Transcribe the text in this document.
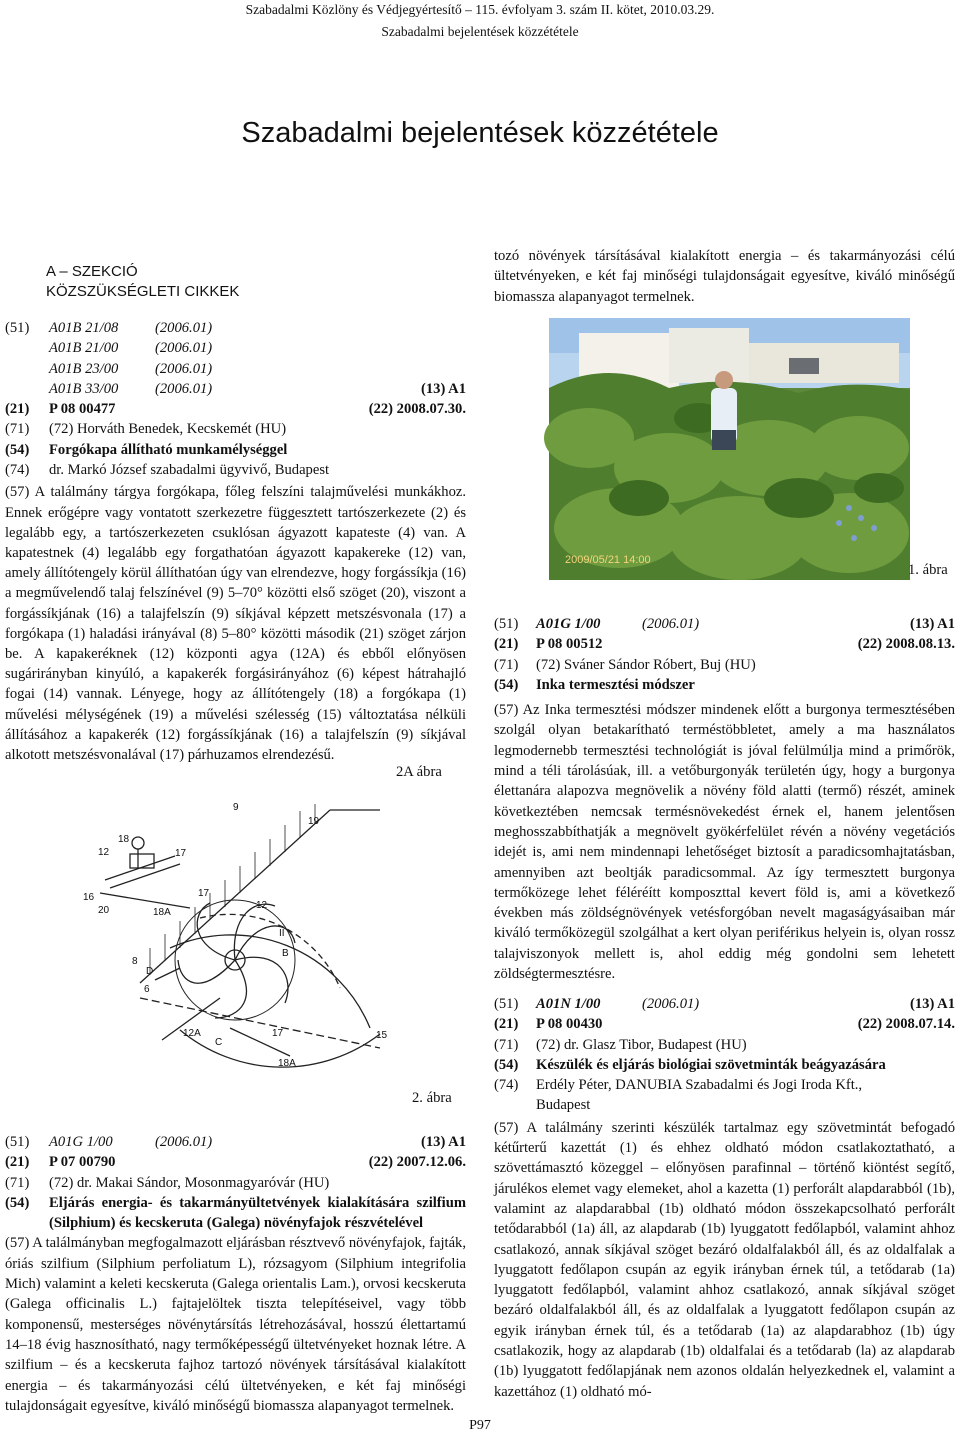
Szabadalmi Közlöny és Védjegyértesítő – 115. évfolyam 3. szám II. kötet, 2010.03.29.
Szabadalmi bejelentések közzététele
Szabadalmi bejelentések közzététele
A – SZEKCIÓ
KÖZSZÜKSÉGLETI CIKKEK
(51) A01B 21/08	(2006.01)
A01B 21/00	(2006.01)
A01B 23/00	(2006.01)
A01B 33/00	(2006.01)	(13) A1
(21) P 08 00477	(22) 2008.07.30.
(71) (72) Horváth Benedek, Kecskemét (HU)
(54) Forgókapa állítható munkamélységgel
(74) dr. Markó József szabadalmi ügyvivő, Budapest
(57) A találmány tárgya forgókapa, főleg felszíni talajművelési munkákhoz. Ennek erőgépre vagy vontatott szerkezetre függesztett tartószerkezete (2) és legalább egy, a tartószerkezeten csuklósan ágyazott kapateste (4) van. A kapatestnek (4) legalább egy forgathatóan ágyazott kapakereke (12) van, amely állítótengely körül állíthatóan úgy van elrendezve, hogy forgássíkja (16) a megművelendő talaj felszínével (9) 5–70° közötti első szöget (20), viszont a forgássíkjának (16) a talajfelszín (9) síkjával képzett metszésvonala (17) a forgókapa (1) haladási irányával (8) 5–80° közötti második (21) szöget zárjon be. A kapakeréknek (12) központi agya (12A) és ebből előnyösen sugárirányban kinyúló, a kapakerék forgásirányához (6) képest hátrahajló fogai (14) vannak. Lényege, hogy az állítótengely (18) a forgókapa (1) művelési mélységének (19) a művelési szélesség (15) változtatása nélküli állításához a kapakerék (12) forgássíkjának (16) a talajfelszín (9) síkjával alkotott metszésvonalával (17) párhuzamos elrendezésű.
2A ábra
9
19
18
12	17
16
20	18A
17
12
II
B
8
D
6
12A
C
17	15
18A
2. ábra
(51) A01G 1/00	(2006.01)	(13) A1
(21) P 07 00790	(22) 2007.12.06.
(71) (72) dr. Makai Sándor, Mosonmagyaróvár (HU)
(54) Eljárás energia- és takarmányültetvények kialakítására szilfium (Silphium) és kecskeruta (Galega) növényfajok részvételével
(57) A találmányban megfogalmazott eljárásban résztvevő növényfajok, fajták, óriás szilfium (Silphium perfoliatum L), rózsagyom (Silphium integrifolia Mich) valamint a keleti kecskeruta (Galega orientalis Lam.), orvosi kecskeruta (Galega officinalis L.) fajtajelöltek tiszta telepítéseivel, vagy több komponensű, mesterséges növénytársítás létrehozásával, hosszú élettartamú 14–18 évig hasznosítható, nagy termőképességű ültetvényeket hoznak létre. A szilfium – és a kecskeruta fajhoz tartozó növények társításával kialakított energia – és takarmányozási célú ültetvényeken, e két faj minőségi tulajdonságait egyesítve, kiváló minőségű biomassza alapanyagot termelnek.
tozó növények társításával kialakított energia – és takarmányozási célú ültetvényeken, e két faj minőségi tulajdonságait egyesítve, kiváló minőségű biomassza alapanyagot termelnek.
2009/05/21 14:00
1. ábra
(51) A01G 1/00	(2006.01)	(13) A1
(21) P 08 00512	(22) 2008.08.13.
(71) (72) Sváner Sándor Róbert, Buj (HU)
(54) Inka termesztési módszer
(57) Az Inka termesztési módszer mindenek előtt a burgonya termesztésében szolgál olyan betakarítható terméstöbbletet, amely a ma használatos legmodernebb termesztési technológiát is jóval felülmúlja mind a primőrök, mind a téli tárolásúak, ill. a vetőburgonyák területén úgy, hogy a burgonya élettanára alapozva megnövelik a növény föld alatti (termő) részét, aminek következtében nemcsak termésnövekedést érnek el, hanem jelentősen meghosszabbíthatják a megnövelt gyökérfelület révén a növény vegetációs idejét is, ami nem mindennapi lehetőséget biztosít a paradicsomhajtatásban, amennyiben azt beoltják paradicsommal. Az így termesztett burgonya termőközege lehet féléréítt komposzttal kevert föld is, ami a következő években más zöldségnövények vetésforgóban nevelt magaságyásaiban már kiváló termőközegül szolgálhat a kert olyan periférikus helyein is, olyan rossz talajviszonyok mellett is, ahol eddig még gondolni sem lehetett zöldségtermesztésre.
(51) A01N 1/00	(2006.01)	(13) A1
(21) P 08 00430	(22) 2008.07.14.
(71) (72) dr. Glasz Tibor, Budapest (HU)
(54) Készülék és eljárás biológiai szövetminták beágyazására
(74) Erdély Péter, DANUBIA Szabadalmi és Jogi Iroda Kft.,
Budapest
(57) A találmány szerinti készülék tartalmaz egy szövetmintát befogadó kétűrterű kazettát (1) és ehhez oldható módon csatlakoztatható, a szövettámasztó közeggel – előnyösen parafinnal – történő kiöntést segítő, járulékos elemet vagy elemeket, ahol a kazetta (1) perforált alapdarabból (1b), valamint az alapdarabbal (1b) oldható módon összekapcsolható perforált tetődarabból (1a) áll, az alapdarab (1b) lyuggatott fedőlapból, valamint ahhoz csatlakozó, annak síkjával szöget bezáró oldalfalakból áll, és az oldalfalak a lyuggatott fedőlapon csupán az egyik irányban érnek túl, a tetődarab (1a) lyuggatott fedőlapból, valamint ahhoz csatlakozó, annak síkjával szöget bezáró oldalfalakból áll, és az oldalfalak a lyuggatott fedőlapon csupán az egyik irányban érnek túl, és a tetődarab (1a) az alapdarabhoz (1b) úgy csatlakozik, hogy az alapdarab (1b) oldalfalai és a tetődarab (la) az alapdarab (1b) lyuggatott fedőlapjának nem azonos oldalán helyezkednek el, valamint a kazettához (1) oldható mó-
P97
